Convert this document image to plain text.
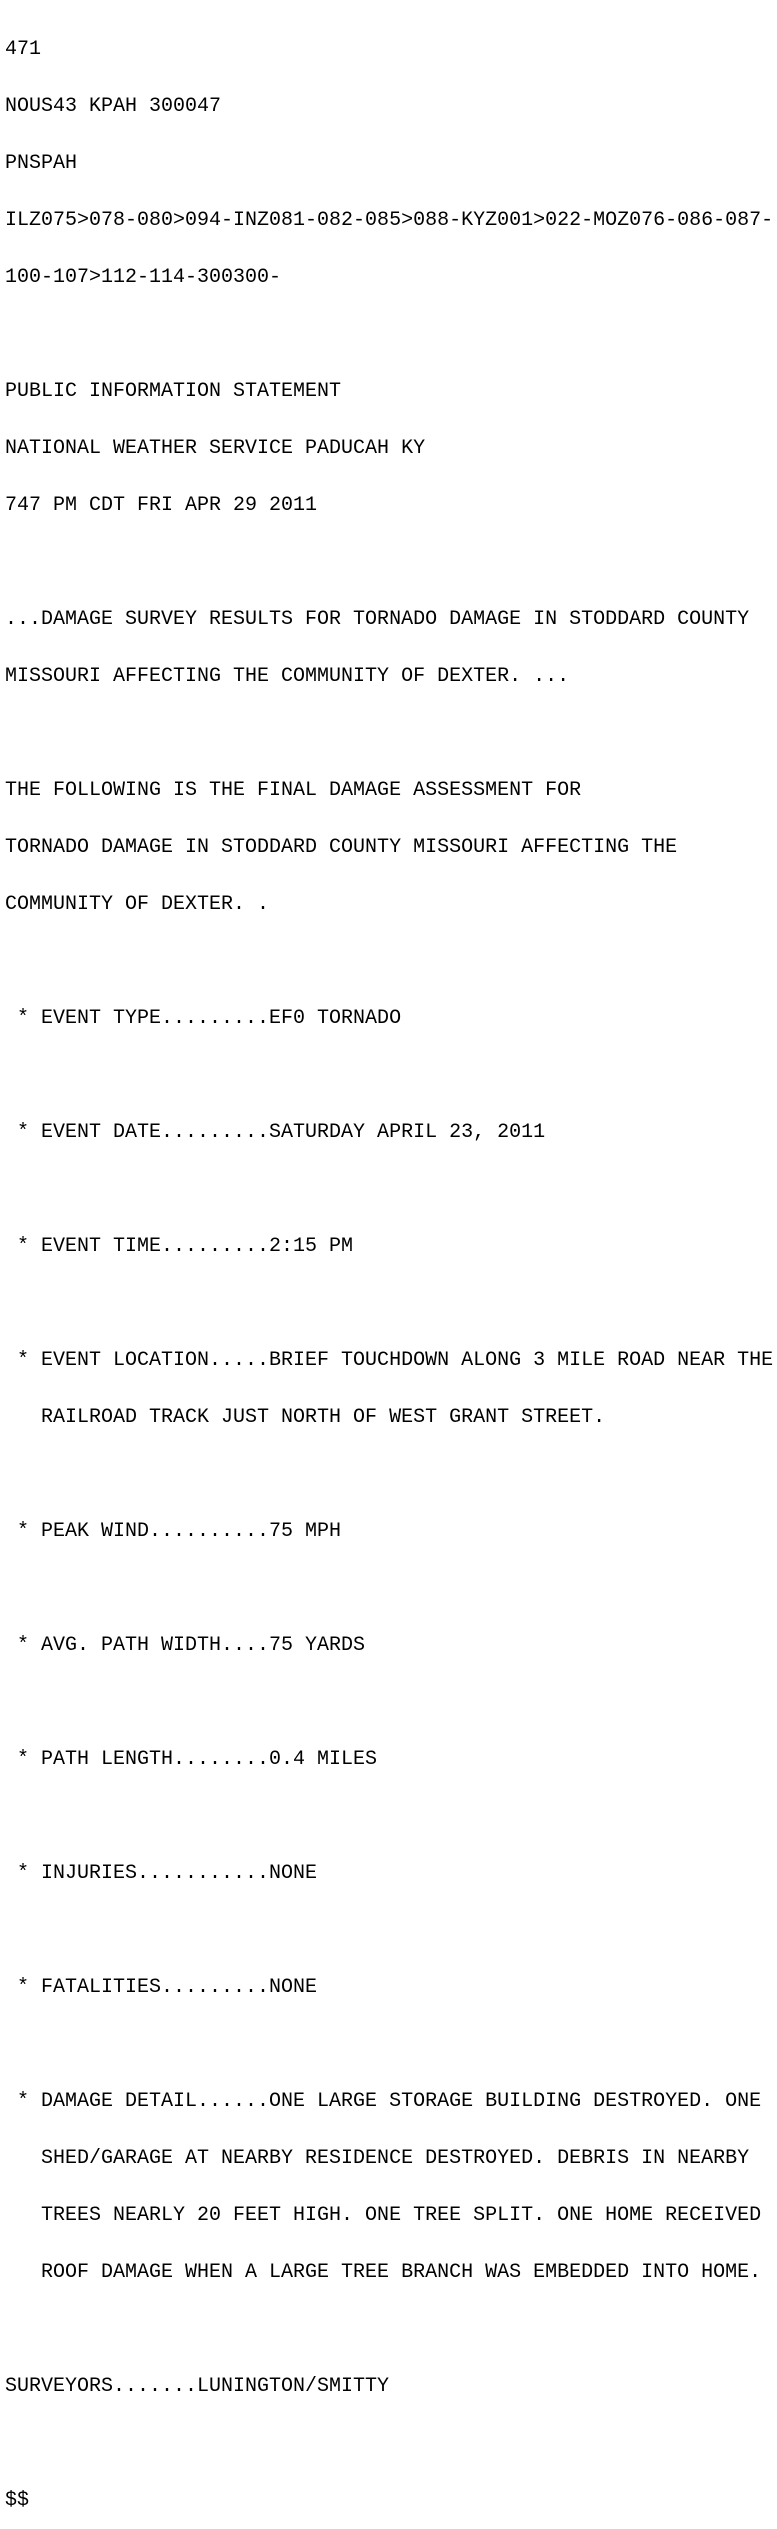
471

NOUS43 KPAH 300047

PNSPAH

ILZ075>078-080>094-INZ081-082-085>088-KYZ001>022-MOZ076-086-087-

100-107>112-114-300300-

PUBLIC INFORMATION STATEMENT

NATIONAL WEATHER SERVICE PADUCAH KY

747 PM CDT FRI APR 29 2011

...DAMAGE SURVEY RESULTS FOR TORNADO DAMAGE IN STODDARD COUNTY

MISSOURI AFFECTING THE COMMUNITY OF DEXTER. ...

THE FOLLOWING IS THE FINAL DAMAGE ASSESSMENT FOR

TORNADO DAMAGE IN STODDARD COUNTY MISSOURI AFFECTING THE

COMMUNITY OF DEXTER. .

* EVENT TYPE.........EF0 TORNADO

* EVENT DATE.........SATURDAY APRIL 23, 2011

* EVENT TIME.........2:15 PM

* EVENT LOCATION.....BRIEF TOUCHDOWN ALONG 3 MILE ROAD NEAR THE

RAILROAD TRACK JUST NORTH OF WEST GRANT STREET.

* PEAK WIND..........75 MPH

* AVG. PATH WIDTH....75 YARDS

* PATH LENGTH........0.4 MILES

* INJURIES...........NONE

* FATALITIES.........NONE

* DAMAGE DETAIL......ONE LARGE STORAGE BUILDING DESTROYED. ONE

SHED/GARAGE AT NEARBY RESIDENCE DESTROYED. DEBRIS IN NEARBY

TREES NEARLY 20 FEET HIGH. ONE TREE SPLIT. ONE HOME RECEIVED

ROOF DAMAGE WHEN A LARGE TREE BRANCH WAS EMBEDDED INTO HOME.

SURVEYORS.......LUNINGTON/SMITTY

$$
